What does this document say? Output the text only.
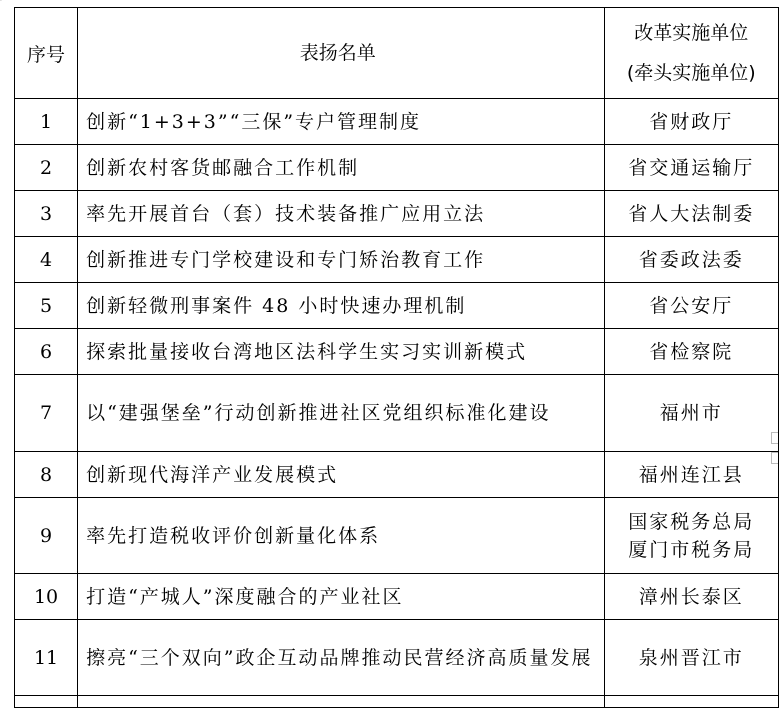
·
序号	表扬名单	改革实施单位
(牵头实施单位)

1	创新“1+3+3”“三保”专户管理制度	省财政厅

2	创新农村客货邮融合工作机制	省交通运输厅

3	率先开展首台（套）技术装备推广应用立法	省人大法制委

4	创新推进专门学校建设和专门矫治教育工作	省委政法委

5	创新轻微刑事案件 48 小时快速办理机制	省公安厅

6	探索批量接收台湾地区法科学生实习实训新模式	省检察院

7	以“建强堡垒”行动创新推进社区党组织标准化建设	福州市

8	创新现代海洋产业发展模式	福州连江县

9	率先打造税收评价创新量化体系	国家税务总局
厦门市税务局

10	打造“产城人”深度融合的产业社区	漳州长泰区

11	擦亮“三个双向”政企互动品牌推动民营经济高质量发展	泉州晋江市
